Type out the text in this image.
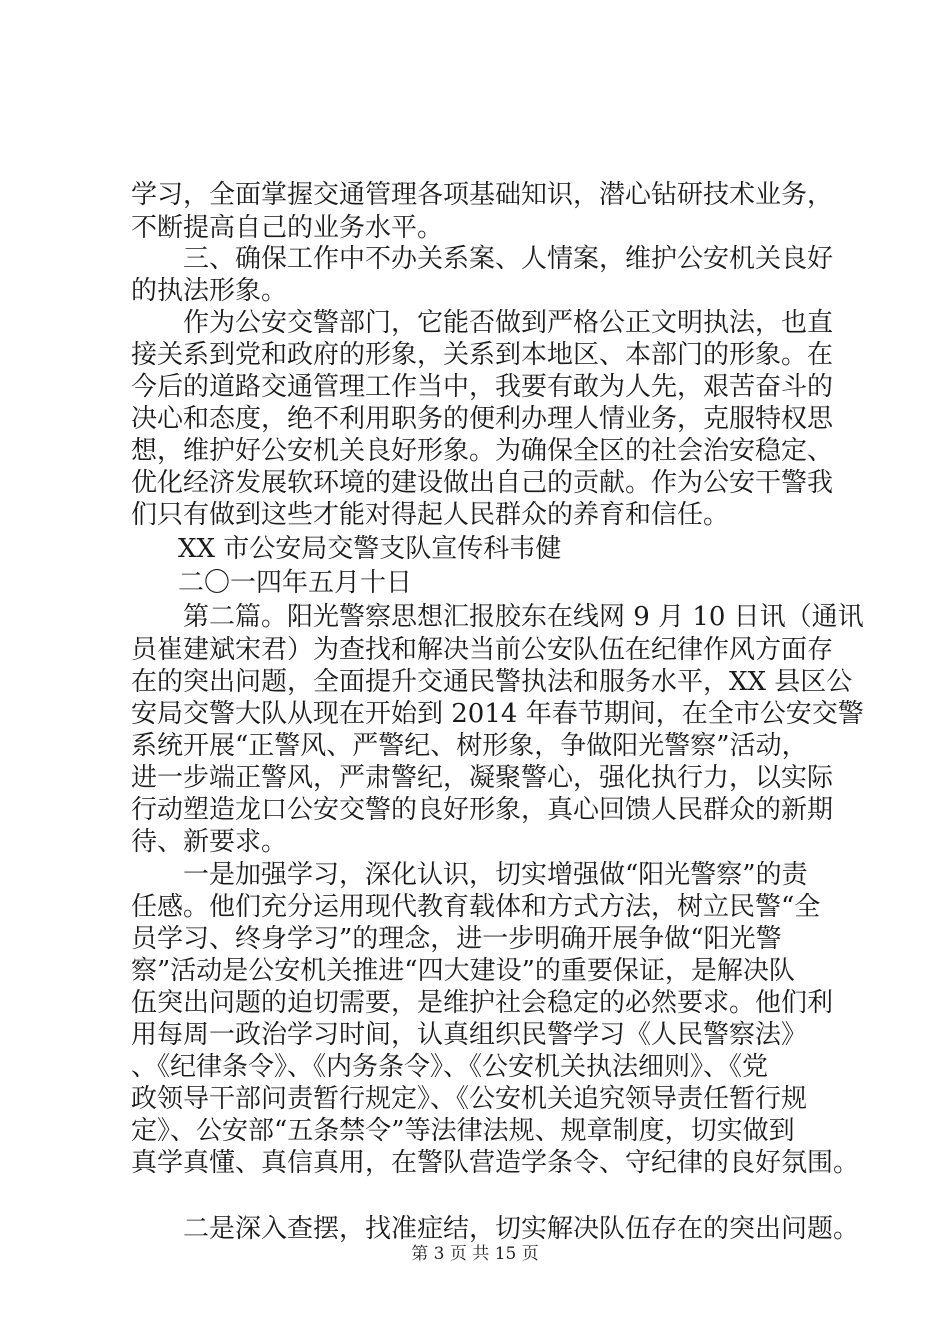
学习，全面掌握交通管理各项基础知识，潜心钻研技术业务，
不断提高自己的业务水平。
三、确保工作中不办关系案、人情案，维护公安机关良好
的执法形象。
作为公安交警部门，它能否做到严格公正文明执法，也直
接关系到党和政府的形象，关系到本地区、本部门的形象。在
今后的道路交通管理工作当中，我要有敢为人先，艰苦奋斗的
决心和态度，绝不利用职务的便利办理人情业务，克服特权思
想，维护好公安机关良好形象。为确保全区的社会治安稳定、
优化经济发展软环境的建设做出自己的贡献。作为公安干警我
们只有做到这些才能对得起人民群众的养育和信任。
XX 市公安局交警支队宣传科韦健
二〇一四年五月十日
第二篇。阳光警察思想汇报胶东在线网 9 月 10 日讯（通讯
员崔建斌宋君）为查找和解决当前公安队伍在纪律作风方面存
在的突出问题，全面提升交通民警执法和服务水平，XX 县区公
安局交警大队从现在开始到 2014 年春节期间，在全市公安交警
系统开展“正警风、严警纪、树形象，争做阳光警察”活动，
进一步端正警风，严肃警纪，凝聚警心，强化执行力，以实际
行动塑造龙口公安交警的良好形象，真心回馈人民群众的新期
待、新要求。
一是加强学习，深化认识，切实增强做“阳光警察”的责
任感。他们充分运用现代教育载体和方式方法，树立民警“全
员学习、终身学习”的理念，进一步明确开展争做“阳光警
察”活动是公安机关推进“四大建设”的重要保证，是解决队
伍突出问题的迫切需要，是维护社会稳定的必然要求。他们利
用每周一政治学习时间，认真组织民警学习《人民警察法》
、《纪律条令》、《内务条令》、《公安机关执法细则》、《党
政领导干部问责暂行规定》、《公安机关追究领导责任暂行规
定》、公安部“五条禁令”等法律法规、规章制度，切实做到
真学真懂、真信真用，在警队营造学条令、守纪律的良好氛围。
二是深入查摆，找准症结，切实解决队伍存在的突出问题。
第 3 页 共 15 页
